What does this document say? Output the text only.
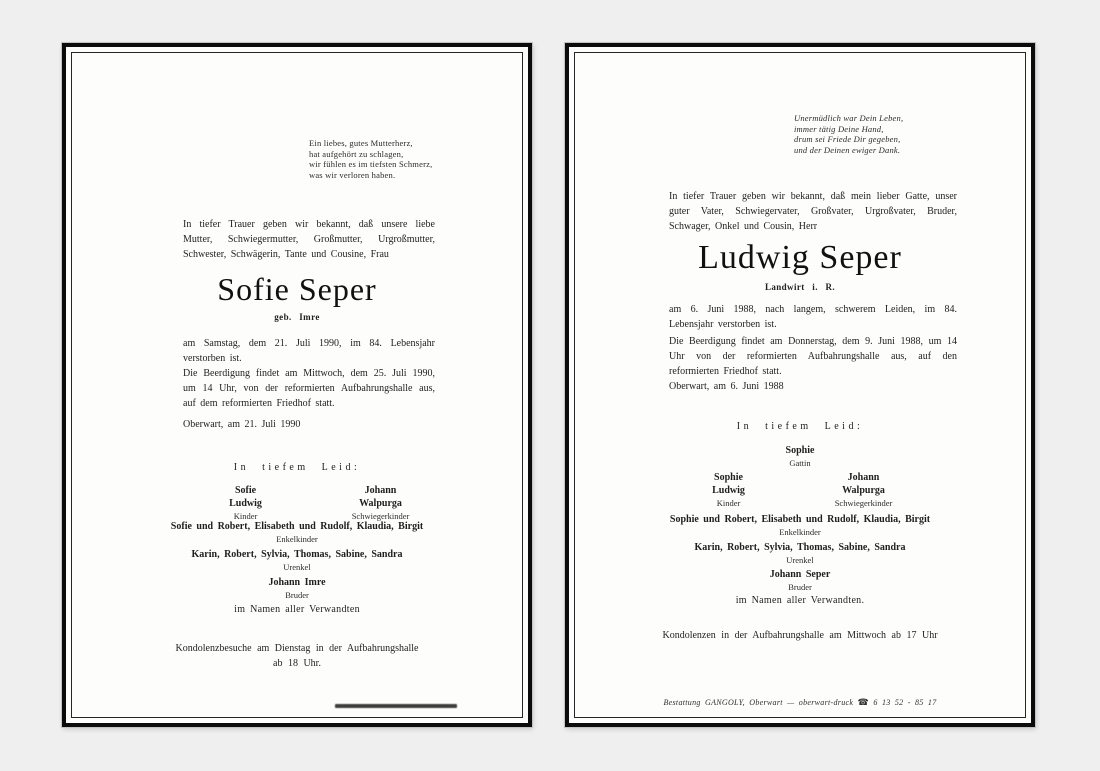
Ein liebes, gutes Mutterherz,
hat aufgehört zu schlagen,
wir fühlen es im tiefsten Schmerz,
was wir verloren haben.
In tiefer Trauer geben wir bekannt, daß unsere liebe Mutter, Schwiegermutter, Großmutter, Urgroßmutter, Schwester, Schwägerin, Tante und Cousine, Frau
Sofie Seper
geb. Imre
am Samstag, dem 21. Juli 1990, im 84. Lebensjahr verstorben ist.
Die Beerdigung findet am Mittwoch, dem 25. Juli 1990, um 14 Uhr, von der reformierten Aufbahrungshalle aus, auf dem reformierten Friedhof statt.
Oberwart, am 21. Juli 1990
In tiefem Leid:
Sofie
Ludwig
Kinder
Johann
Walpurga
Schwiegerkinder
Sofie und Robert, Elisabeth und Rudolf, Klaudia, Birgit
Enkelkinder
Karin, Robert, Sylvia, Thomas, Sabine, Sandra
Urenkel
Johann Imre
Bruder
im Namen aller Verwandten
Kondolenzbesuche am Dienstag in der Aufbahrungshalle
ab 18 Uhr.
Unermüdlich war Dein Leben,
immer tätig Deine Hand,
drum sei Friede Dir gegeben,
und der Deinen ewiger Dank.
In tiefer Trauer geben wir bekannt, daß mein lieber Gatte, unser guter Vater, Schwiegervater, Großvater, Urgroßvater, Bruder, Schwager, Onkel und Cousin, Herr
Ludwig Seper
Landwirt i. R.
am 6. Juni 1988, nach langem, schwerem Leiden, im 84. Lebensjahr verstorben ist.
Die Beerdigung findet am Donnerstag, dem 9. Juni 1988, um 14 Uhr von der reformierten Aufbahrungshalle aus, auf den reformierten Friedhof statt.
Oberwart, am 6. Juni 1988
In tiefem Leid:
Sophie
Gattin
Sophie
Ludwig
Kinder
Johann
Walpurga
Schwiegerkinder
Sophie und Robert, Elisabeth und Rudolf, Klaudia, Birgit
Enkelkinder
Karin, Robert, Sylvia, Thomas, Sabine, Sandra
Urenkel
Johann Seper
Bruder
im Namen aller Verwandten.
Kondolenzen in der Aufbahrungshalle am Mittwoch ab 17 Uhr
Bestattung GANGOLY, Oberwart — oberwart-druck ☎ 6 13 52 - 85 17
